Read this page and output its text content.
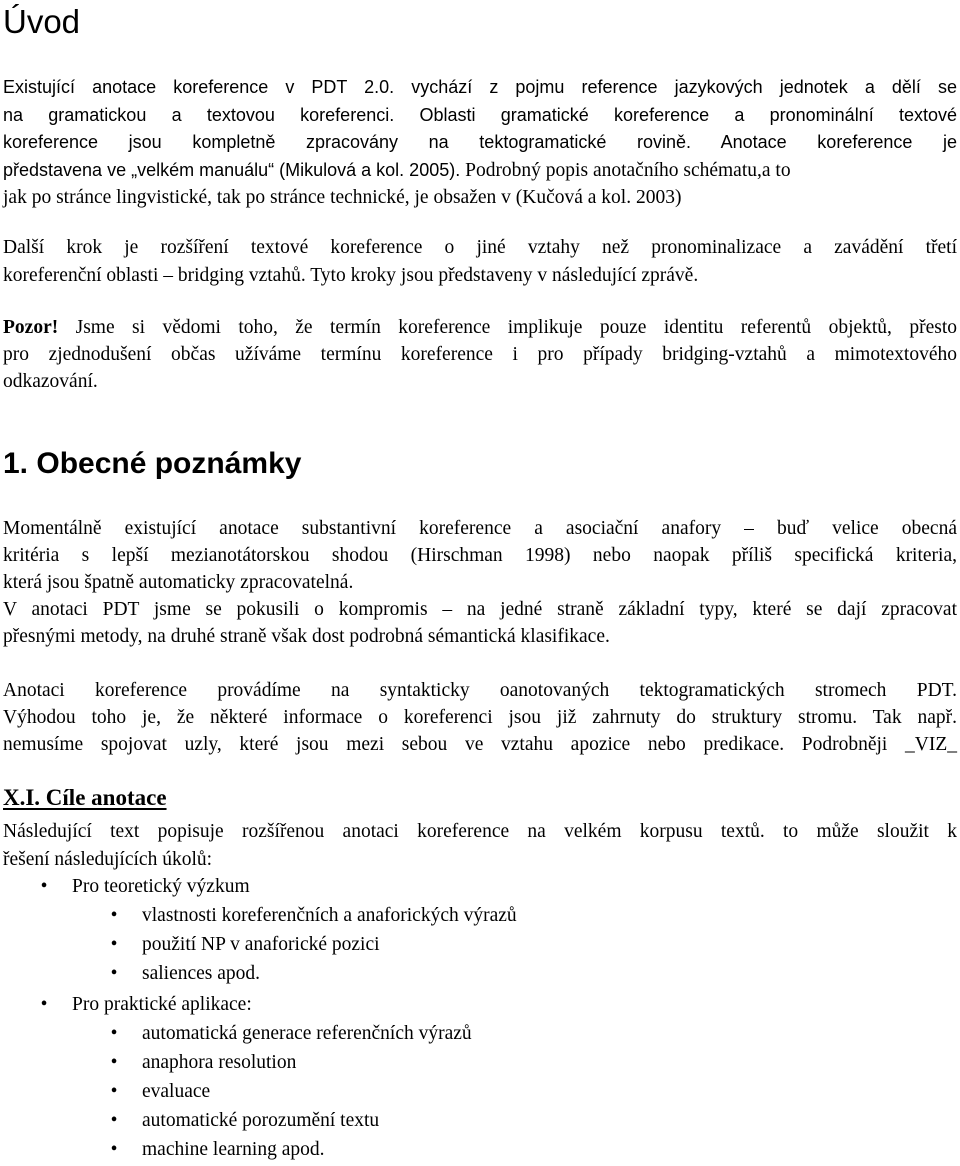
Úvod
Existující anotace koreference v PDT 2.0. vychází z pojmu reference jazykových jednotek a dělí se
na gramatickou a textovou koreferenci. Oblasti gramatické koreference a pronominální textové
koreference jsou kompletně zpracovány na tektogramatické rovině. Anotace koreference je
představena ve „velkém manuálu“ (Mikulová a kol. 2005). Podrobný popis anotačního schématu,a to
jak po stránce lingvistické, tak po stránce technické, je obsažen v (Kučová a kol. 2003)
Další krok je rozšíření textové koreference o jiné vztahy než pronominalizace a zavádění třetí
koreferenční oblasti – bridging vztahů. Tyto kroky jsou představeny v následující zprávě.
Pozor! Jsme si vědomi toho, že termín koreference implikuje pouze identitu referentů objektů, přesto
pro zjednodušení občas užíváme termínu koreference i pro případy bridging-vztahů a mimotextového
odkazování.
1. Obecné poznámky
Momentálně existující anotace substantivní koreference a asociační anafory – buď velice obecná
kritéria s lepší mezianotátorskou shodou (Hirschman 1998) nebo naopak příliš specifická kriteria,
která jsou špatně automaticky zpracovatelná.
V anotaci PDT jsme se pokusili o kompromis – na jedné straně základní typy, které se dají zpracovat
přesnými metody, na druhé straně však dost podrobná sémantická klasifikace.
Anotaci koreference provádíme na syntakticky oanotovaných tektogramatických stromech PDT.
Výhodou toho je, že některé informace o koreferenci jsou již zahrnuty do struktury stromu. Tak např.
nemusíme spojovat uzly, které jsou mezi sebou ve vztahu apozice nebo predikace. Podrobněji _VIZ_
X.I. Cíle anotace
Následující text popisuje rozšířenou anotaci koreference na velkém korpusu textů. to může sloužit k
řešení následujících úkolů:
• Pro teoretický výzkum
• vlastnosti koreferenčních a anaforických výrazů
• použití NP v anaforické pozici
• saliences apod.
• Pro praktické aplikace:
• automatická generace referenčních výrazů
• anaphora resolution
• evaluace
• automatické porozumění textu
• machine learning apod.
